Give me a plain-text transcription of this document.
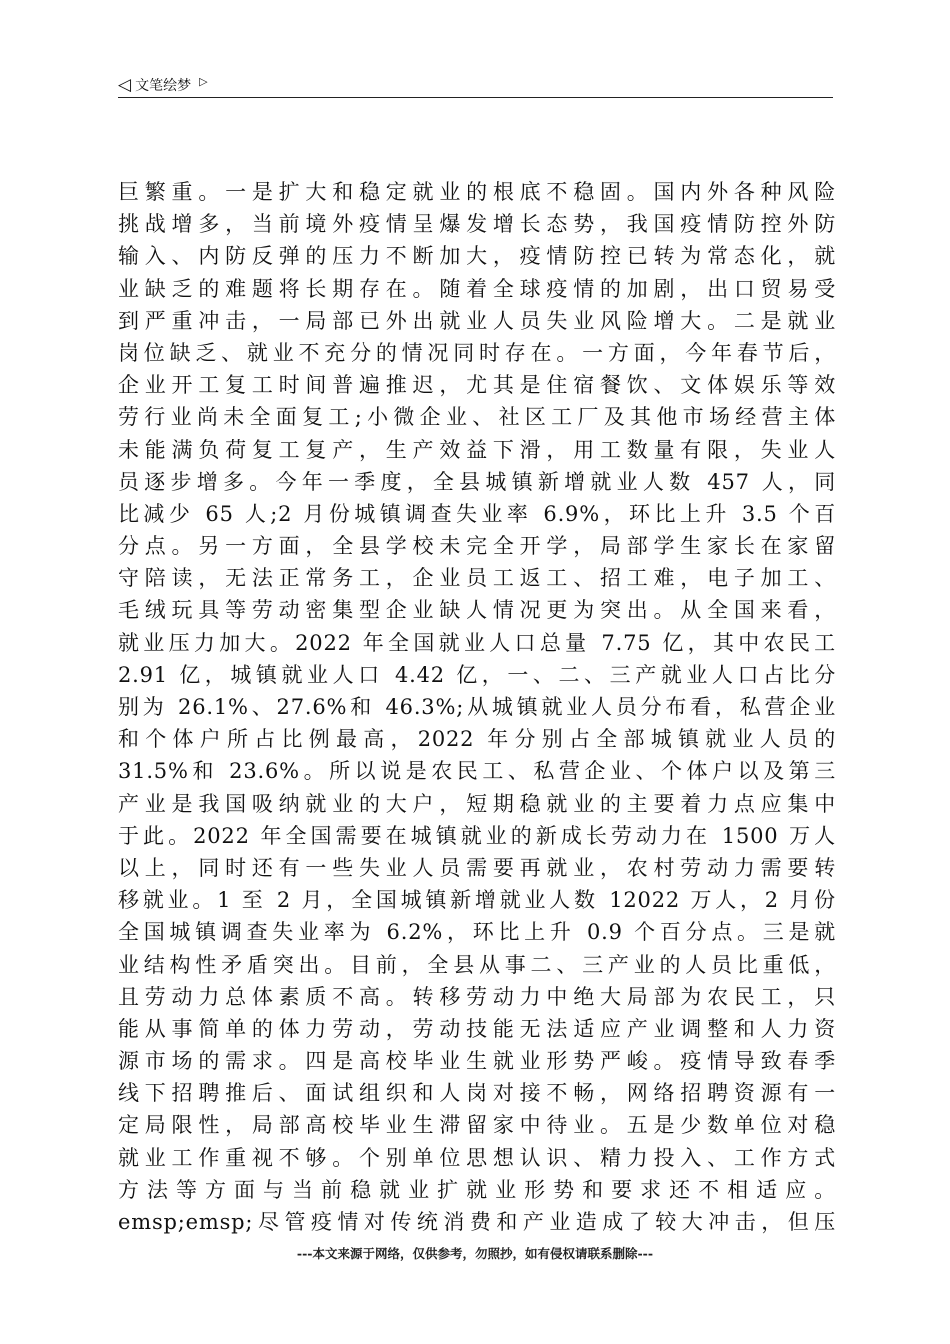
◁ 文笔绘梦 ▷
巨繁重。一是扩大和稳定就业的根底不稳固。国内外各种风险
挑战增多，当前境外疫情呈爆发增长态势，我国疫情防控外防
输入、内防反弹的压力不断加大，疫情防控已转为常态化，就
业缺乏的难题将长期存在。随着全球疫情的加剧，出口贸易受
到严重冲击，一局部已外出就业人员失业风险增大。二是就业
岗位缺乏、就业不充分的情况同时存在。一方面，今年春节后，
企业开工复工时间普遍推迟，尤其是住宿餐饮、文体娱乐等效
劳行业尚未全面复工;小微企业、社区工厂及其他市场经营主体
未能满负荷复工复产，生产效益下滑，用工数量有限，失业人
员逐步增多。今年一季度，全县城镇新增就业人数 457 人，同
比减少 65 人;2 月份城镇调查失业率 6.9%，环比上升 3.5 个百
分点。另一方面，全县学校未完全开学，局部学生家长在家留
守陪读，无法正常务工，企业员工返工、招工难，电子加工、
毛绒玩具等劳动密集型企业缺人情况更为突出。从全国来看，
就业压力加大。2022 年全国就业人口总量 7.75 亿，其中农民工
2.91 亿，城镇就业人口 4.42 亿，一、二、三产就业人口占比分
别为 26.1%、27.6%和 46.3%;从城镇就业人员分布看，私营企业
和个体户所占比例最高，2022 年分别占全部城镇就业人员的
31.5%和 23.6%。所以说是农民工、私营企业、个体户以及第三
产业是我国吸纳就业的大户，短期稳就业的主要着力点应集中
于此。2022 年全国需要在城镇就业的新成长劳动力在 1500 万人
以上，同时还有一些失业人员需要再就业，农村劳动力需要转
移就业。1 至 2 月，全国城镇新增就业人数 12022 万人，2 月份
全国城镇调查失业率为 6.2%，环比上升 0.9 个百分点。三是就
业结构性矛盾突出。目前，全县从事二、三产业的人员比重低，
且劳动力总体素质不高。转移劳动力中绝大局部为农民工，只
能从事简单的体力劳动，劳动技能无法适应产业调整和人力资
源市场的需求。四是高校毕业生就业形势严峻。疫情导致春季
线下招聘推后、面试组织和人岗对接不畅，网络招聘资源有一
定局限性，局部高校毕业生滞留家中待业。五是少数单位对稳
就业工作重视不够。个别单位思想认识、精力投入、工作方式
方法等方面与当前稳就业扩就业形势和要求还不相适应。
emsp;emsp;尽管疫情对传统消费和产业造成了较大冲击，但压
---本文来源于网络，仅供参考，勿照抄，如有侵权请联系删除---
